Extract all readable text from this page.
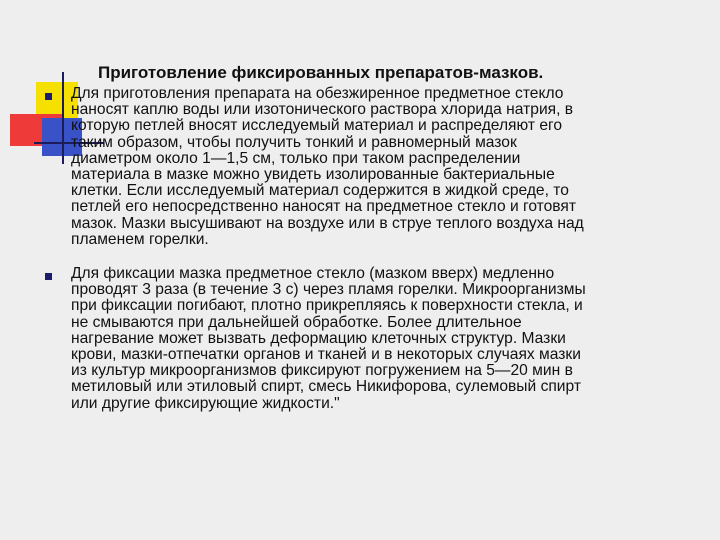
Приготовление фиксированных препаратов-мазков.
Для приготовления препарата на обезжиренное предметное стекло
наносят каплю воды или изотонического раствора хлорида натрия, в
которую петлей вносят исследуемый материал и распределяют его
таким образом, чтобы получить тонкий и равномерный мазок
диаметром около 1—1,5 см, только при таком распределении
материала в мазке можно увидеть изолированные бактериальные
клетки. Если исследуемый материал содержится в жидкой среде, то
петлей его непосредственно наносят на предметное стекло и готовят
мазок. Мазки высушивают на воздухе или в струе теплого воздуха над
пламенем горелки.
Для фиксации мазка предметное стекло (мазком вверх) медленно
проводят 3 раза (в течение 3 с) через пламя горелки. Микроорганизмы
при фиксации погибают, плотно прикрепляясь к поверхности стекла, и
не смываются при дальнейшей обработке. Более длительное
нагревание может вызвать деформацию клеточных структур. Мазки
крови, мазки-отпечатки органов и тканей и в некоторых случаях мазки
из культур микроорганизмов фиксируют погружением на 5—20 мин в
метиловый или этиловый спирт, смесь Никифорова, сулемовый спирт
или другие фиксирующие жидкости."
